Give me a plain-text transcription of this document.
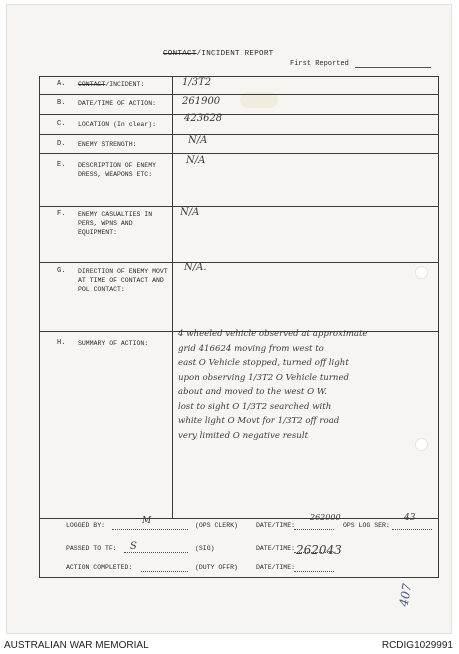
CONTACT/INCIDENT REPORT
First Reported
A. CONTACT/INCIDENT:	1/3T2
B. DATE/TIME OF ACTION:	261900
C. LOCATION (In clear):
423628
D. ENEMY STRENGTH:	N/A
E. DESCRIPTION OF ENEMY DRESS, WEAPONS ETC:
N/A
F. ENEMY CASUALTIES IN PERS, WPNS AND EQUIPMENT:
N/A
G. DIRECTION OF ENEMY MOVT AT TIME OF CONTACT AND POL CONTACT:
N/A.
H. SUMMARY OF ACTION:
4 wheeled vehicle observed at approximate
grid 416624 moving from west to
east O Vehicle stopped, turned off light
upon observing 1/3T2 O Vehicle turned
about and moved to the west O W.
lost to sight O 1/3T2 searched with
white light O Movt for 1/3T2 off road
very limited O negative result
LOGGED BY:	M	(OPS CLERK)	DATE/TIME:
262000
OPS LOG SER:
43
PASSED TO TF: S	(SIG)	DATE/TIME: 262043
ACTION COMPLETED:	(DUTY OFFR)	DATE/TIME:
407
AUSTRALIAN WAR MEMORIAL	RCDIG1029991
